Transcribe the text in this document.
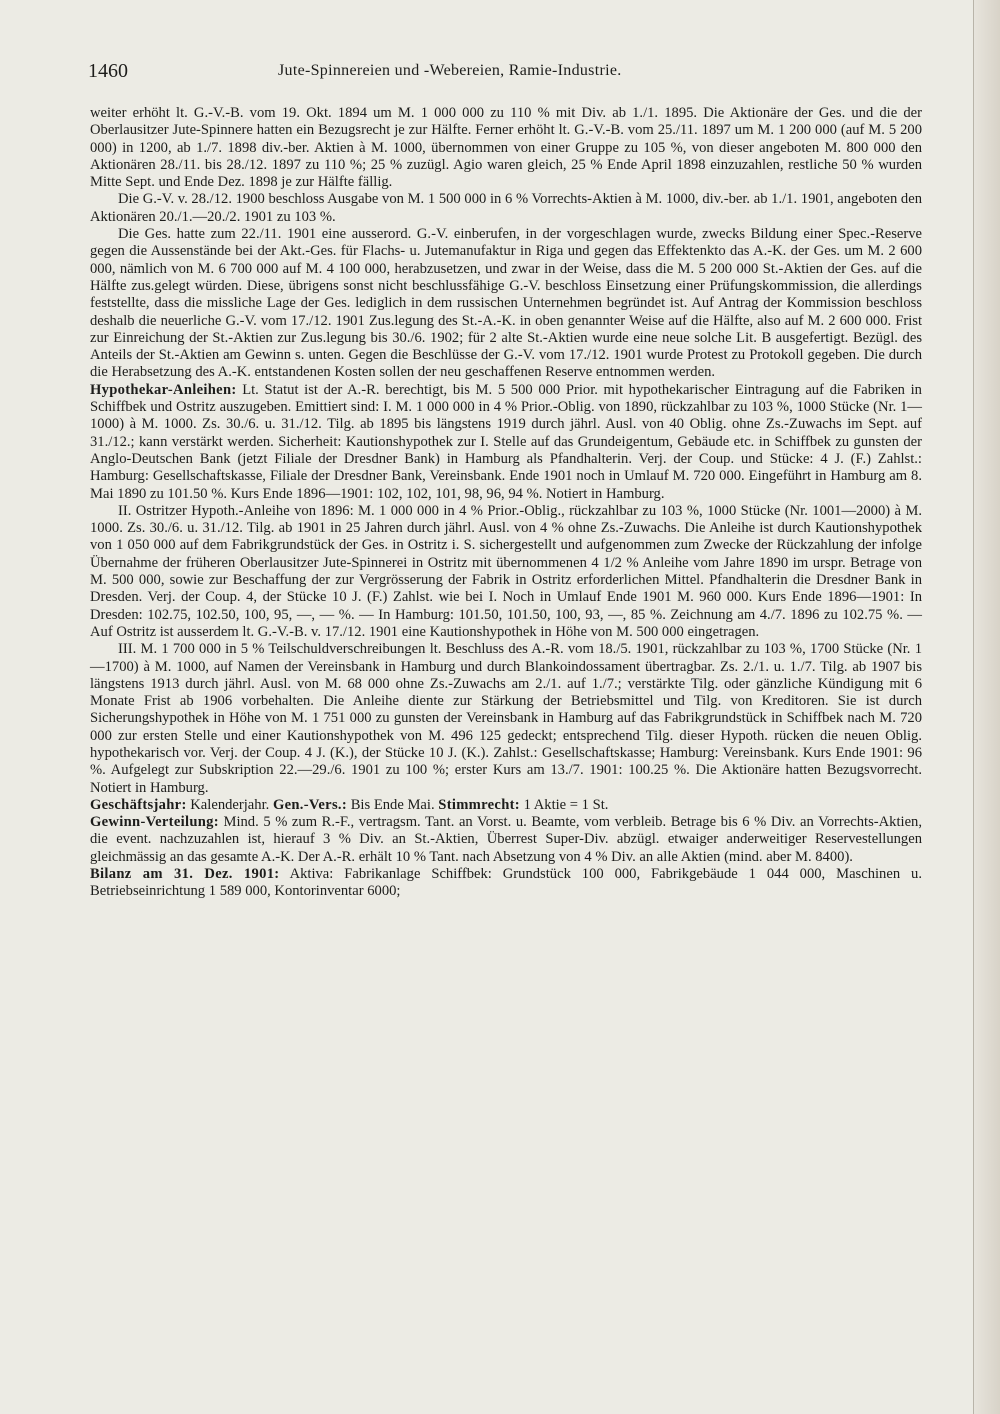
1460	Jute-Spinnereien und -Webereien, Ramie-Industrie.

weiter erhöht lt. G.-V.-B. vom 19. Okt. 1894 um M. 1 000 000 zu 110 % mit Div. ab 1./1. 1895. Die Aktionäre der Ges. und die der Oberlausitzer Jute-Spinnere hatten ein Bezugsrecht je zur Hälfte. Ferner erhöht lt. G.-V.-B. vom 25./11. 1897 um M. 1 200 000 (auf M. 5 200 000) in 1200, ab 1./7. 1898 div.-ber. Aktien à M. 1000, übernommen von einer Gruppe zu 105 %, von dieser angeboten M. 800 000 den Aktionären 28./11. bis 28./12. 1897 zu 110 %; 25 % zuzügl. Agio waren gleich, 25 % Ende April 1898 einzuzahlen, restliche 50 % wurden Mitte Sept. und Ende Dez. 1898 je zur Hälfte fällig.

Die G.-V. v. 28./12. 1900 beschloss Ausgabe von M. 1 500 000 in 6 % Vorrechts-Aktien à M. 1000, div.-ber. ab 1./1. 1901, angeboten den Aktionären 20./1.—20./2. 1901 zu 103 %.

Die Ges. hatte zum 22./11. 1901 eine ausserord. G.-V. einberufen, in der vorgeschlagen wurde, zwecks Bildung einer Spec.-Reserve gegen die Aussenstände bei der Akt.-Ges. für Flachs- u. Jutemanufaktur in Riga und gegen das Effektenkto das A.-K. der Ges. um M. 2 600 000, nämlich von M. 6 700 000 auf M. 4 100 000, herabzusetzen, und zwar in der Weise, dass die M. 5 200 000 St.-Aktien der Ges. auf die Hälfte zus.gelegt würden. Diese, übrigens sonst nicht beschlussfähige G.-V. beschloss Einsetzung einer Prüfungskommission, die allerdings feststellte, dass die missliche Lage der Ges. lediglich in dem russischen Unternehmen begründet ist. Auf Antrag der Kommission beschloss deshalb die neuerliche G.-V. vom 17./12. 1901 Zus.legung des St.-A.-K. in oben genannter Weise auf die Hälfte, also auf M. 2 600 000. Frist zur Einreichung der St.-Aktien zur Zus.legung bis 30./6. 1902; für 2 alte St.-Aktien wurde eine neue solche Lit. B ausgefertigt. Bezügl. des Anteils der St.-Aktien am Gewinn s. unten. Gegen die Beschlüsse der G.-V. vom 17./12. 1901 wurde Protest zu Protokoll gegeben. Die durch die Herabsetzung des A.-K. entstandenen Kosten sollen der neu geschaffenen Reserve entnommen werden.

Hypothekar-Anleihen: Lt. Statut ist der A.-R. berechtigt, bis M. 5 500 000 Prior. mit hypothekarischer Eintragung auf die Fabriken in Schiffbek und Ostritz auszugeben. Emittiert sind: I. M. 1 000 000 in 4 % Prior.-Oblig. von 1890, rückzahlbar zu 103 %, 1000 Stücke (Nr. 1—1000) à M. 1000. Zs. 30./6. u. 31./12. Tilg. ab 1895 bis längstens 1919 durch jährl. Ausl. von 40 Oblig. ohne Zs.-Zuwachs im Sept. auf 31./12.; kann verstärkt werden. Sicherheit: Kautionshypothek zur I. Stelle auf das Grundeigentum, Gebäude etc. in Schiffbek zu gunsten der Anglo-Deutschen Bank (jetzt Filiale der Dresdner Bank) in Hamburg als Pfandhalterin. Verj. der Coup. und Stücke: 4 J. (F.) Zahlst.: Hamburg: Gesellschaftskasse, Filiale der Dresdner Bank, Vereinsbank. Ende 1901 noch in Umlauf M. 720 000. Eingeführt in Hamburg am 8. Mai 1890 zu 101.50 %. Kurs Ende 1896—1901: 102, 102, 101, 98, 96, 94 %. Notiert in Hamburg.

II. Ostritzer Hypoth.-Anleihe von 1896: M. 1 000 000 in 4 % Prior.-Oblig., rückzahlbar zu 103 %, 1000 Stücke (Nr. 1001—2000) à M. 1000. Zs. 30./6. u. 31./12. Tilg. ab 1901 in 25 Jahren durch jährl. Ausl. von 4 % ohne Zs.-Zuwachs. Die Anleihe ist durch Kautionshypothek von 1 050 000 auf dem Fabrikgrundstück der Ges. in Ostritz i. S. sichergestellt und aufgenommen zum Zwecke der Rückzahlung der infolge Übernahme der früheren Oberlausitzer Jute-Spinnerei in Ostritz mit übernommenen 4 1/2 % Anleihe vom Jahre 1890 im urspr. Betrage von M. 500 000, sowie zur Beschaffung der zur Vergrösserung der Fabrik in Ostritz erforderlichen Mittel. Pfandhalterin die Dresdner Bank in Dresden. Verj. der Coup. 4, der Stücke 10 J. (F.) Zahlst. wie bei I. Noch in Umlauf Ende 1901 M. 960 000. Kurs Ende 1896—1901: In Dresden: 102.75, 102.50, 100, 95, —, — %. — In Hamburg: 101.50, 101.50, 100, 93, —, 85 %. Zeichnung am 4./7. 1896 zu 102.75 %. — Auf Ostritz ist ausserdem lt. G.-V.-B. v. 17./12. 1901 eine Kautionshypothek in Höhe von M. 500 000 eingetragen.

III. M. 1 700 000 in 5 % Teilschuldverschreibungen lt. Beschluss des A.-R. vom 18./5. 1901, rückzahlbar zu 103 %, 1700 Stücke (Nr. 1—1700) à M. 1000, auf Namen der Vereinsbank in Hamburg und durch Blankoindossament übertragbar. Zs. 2./1. u. 1./7. Tilg. ab 1907 bis längstens 1913 durch jährl. Ausl. von M. 68 000 ohne Zs.-Zuwachs am 2./1. auf 1./7.; verstärkte Tilg. oder gänzliche Kündigung mit 6 Monate Frist ab 1906 vorbehalten. Die Anleihe diente zur Stärkung der Betriebsmittel und Tilg. von Kreditoren. Sie ist durch Sicherungshypothek in Höhe von M. 1 751 000 zu gunsten der Vereinsbank in Hamburg auf das Fabrikgrundstück in Schiffbek nach M. 720 000 zur ersten Stelle und einer Kautionshypothek von M. 496 125 gedeckt; entsprechend Tilg. dieser Hypoth. rücken die neuen Oblig. hypothekarisch vor. Verj. der Coup. 4 J. (K.), der Stücke 10 J. (K.). Zahlst.: Gesellschaftskasse; Hamburg: Vereinsbank. Kurs Ende 1901: 96 %. Aufgelegt zur Subskription 22.—29./6. 1901 zu 100 %; erster Kurs am 13./7. 1901: 100.25 %. Die Aktionäre hatten Bezugsvorrecht. Notiert in Hamburg.

Geschäftsjahr: Kalenderjahr. Gen.-Vers.: Bis Ende Mai. Stimmrecht: 1 Aktie = 1 St.

Gewinn-Verteilung: Mind. 5 % zum R.-F., vertragsm. Tant. an Vorst. u. Beamte, vom verbleib. Betrage bis 6 % Div. an Vorrechts-Aktien, die event. nachzuzahlen ist, hierauf 3 % Div. an St.-Aktien, Überrest Super-Div. abzügl. etwaiger anderweitiger Reservestellungen gleichmässig an das gesamte A.-K. Der A.-R. erhält 10 % Tant. nach Absetzung von 4 % Div. an alle Aktien (mind. aber M. 8400).

Bilanz am 31. Dez. 1901: Aktiva: Fabrikanlage Schiffbek: Grundstück 100 000, Fabrikgebäude 1 044 000, Maschinen u. Betriebseinrichtung 1 589 000, Kontorinventar 6000;
